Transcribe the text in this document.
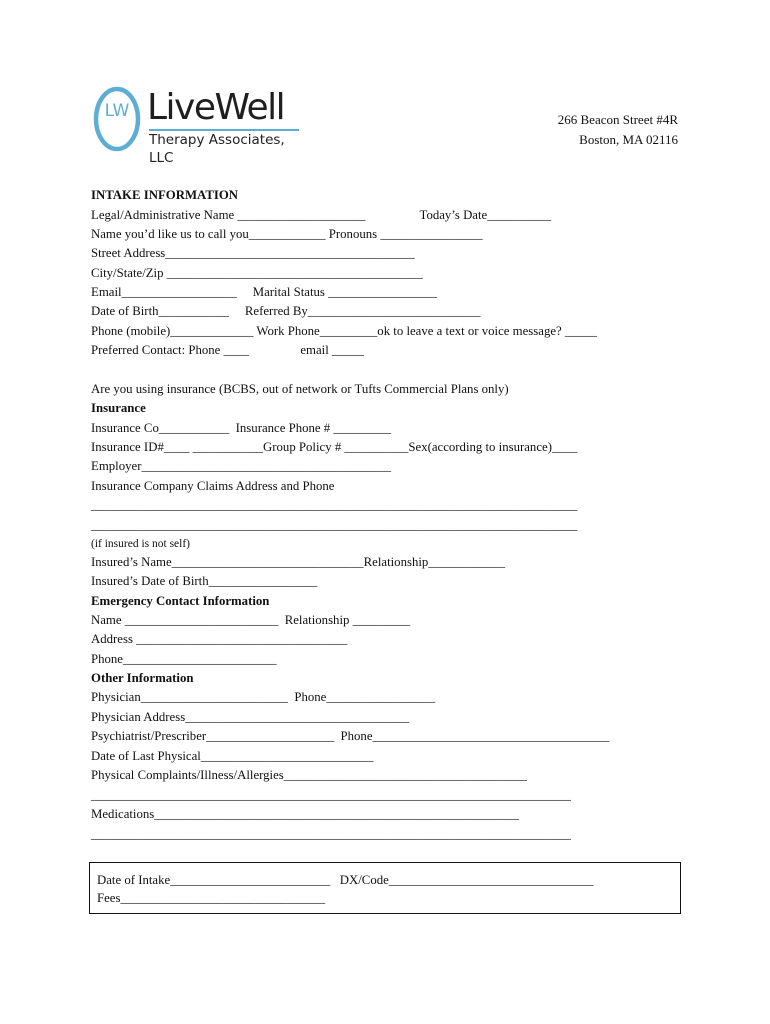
LW LiveWell
Therapy Associates, LLC
266 Beacon Street #4R
Boston, MA 02116
INTAKE INFORMATION
Legal/Administrative Name ____________________                 Today’s Date__________
Name you’d like us to call you____________ Pronouns ________________
Street Address_______________________________________
City/State/Zip ________________________________________
Email__________________     Marital Status _________________
Date of Birth___________     Referred By___________________________
Phone (mobile)_____________ Work Phone_________ok to leave a text or voice message? _____
Preferred Contact: Phone ____                email _____
Are you using insurance (BCBS, out of network or Tufts Commercial Plans only)
Insurance
Insurance Co___________  Insurance Phone # _________
Insurance ID#____ ___________Group Policy # __________Sex(according to insurance)____
Employer_______________________________________
Insurance Company Claims Address and Phone
____________________________________________________________________________
____________________________________________________________________________
(if insured is not self)
Insured’s Name______________________________Relationship____________
Insured’s Date of Birth_________________
Emergency Contact Information
Name ________________________  Relationship _________
Address _________________________________
Phone________________________
Other Information
Physician_______________________  Phone_________________
Physician Address___________________________________
Psychiatrist/Prescriber____________________  Phone_____________________________________
Date of Last Physical___________________________
Physical Complaints/Illness/Allergies______________________________________
___________________________________________________________________________
Medications_________________________________________________________
___________________________________________________________________________
Date of Intake_________________________   DX/Code________________________________
Fees________________________________
